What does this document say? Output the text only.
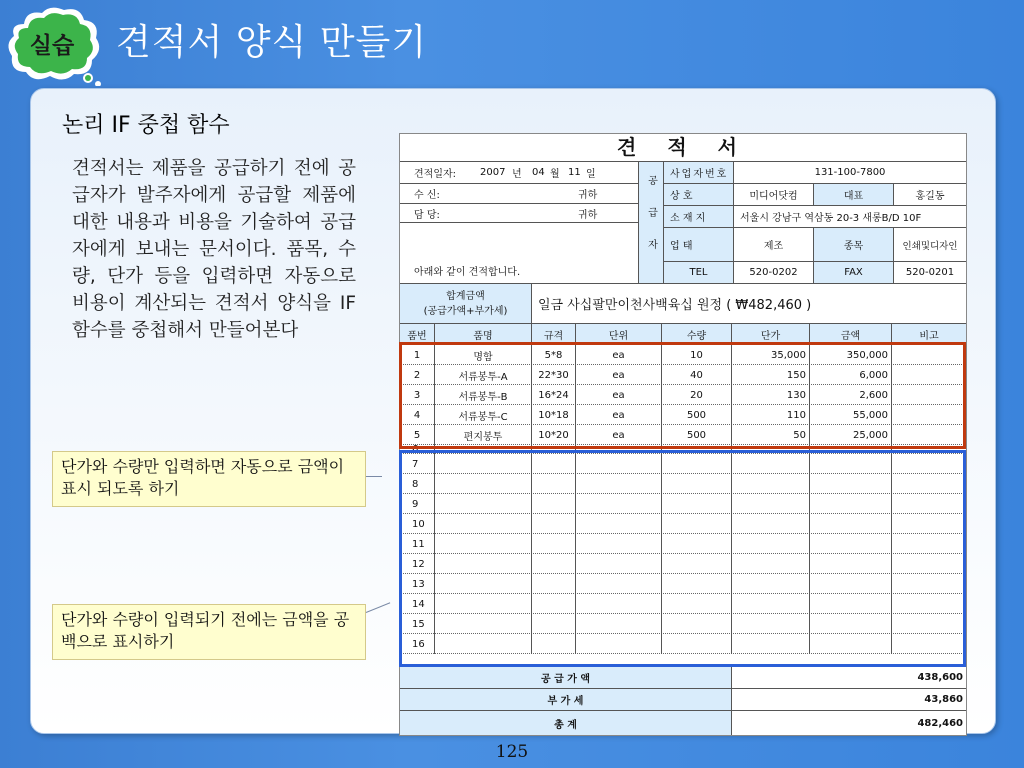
실습 견적서 양식 만들기
논리 IF 중첩 함수
견적서는 제품을 공급하기 전에 공급자가 발주자에게 공급할 제품에 대한 내용과 비용을 기술하여 공급자에게 보내는 문서이다. 품목, 수량, 단가 등을 입력하면 자동으로 비용이 계산되는 견적서 양식을 IF 함수를 중첩해서 만들어본다
단가와 수량만 입력하면 자동으로 금액이 표시 되도록 하기
단가와 수량이 입력되기 전에는 금액을 공백으로 표시하기
견 적 서
견적일자: 2007 년 04 월 11 일
수 신:	귀하
담 당:	귀하
아래와 같이 견적합니다.
공급자	사업자번호	131-100-7800
상 호	미디어닷컴	대표	홍길동
소 재 지	서울시 강남구 역삼동 20-3 새롱B/D 10F
업 태	제조	종목	인쇄및디자인
TEL	520-0202	FAX	520-0201
합계금액
(공급가액+부가세)	일금 사십팔만이천사백육십 원정 ( ₩482,460 )
품번	품명	규격	단위	수량	단가	금액	비고
1	명함	5*8	ea	10	35,000	350,000
2	서류봉투-A	22*30	ea	40	150	6,000
3	서류봉투-B	16*24	ea	20	130	2,600
4	서류봉투-C	10*18	ea	500	110	55,000
5	편지봉투	10*20	ea	500	50	25,000
6
7
8
9
10
11
12
13
14
15
16
공 급 가 액	438,600
부 가 세	43,860
총 계	482,460
125
